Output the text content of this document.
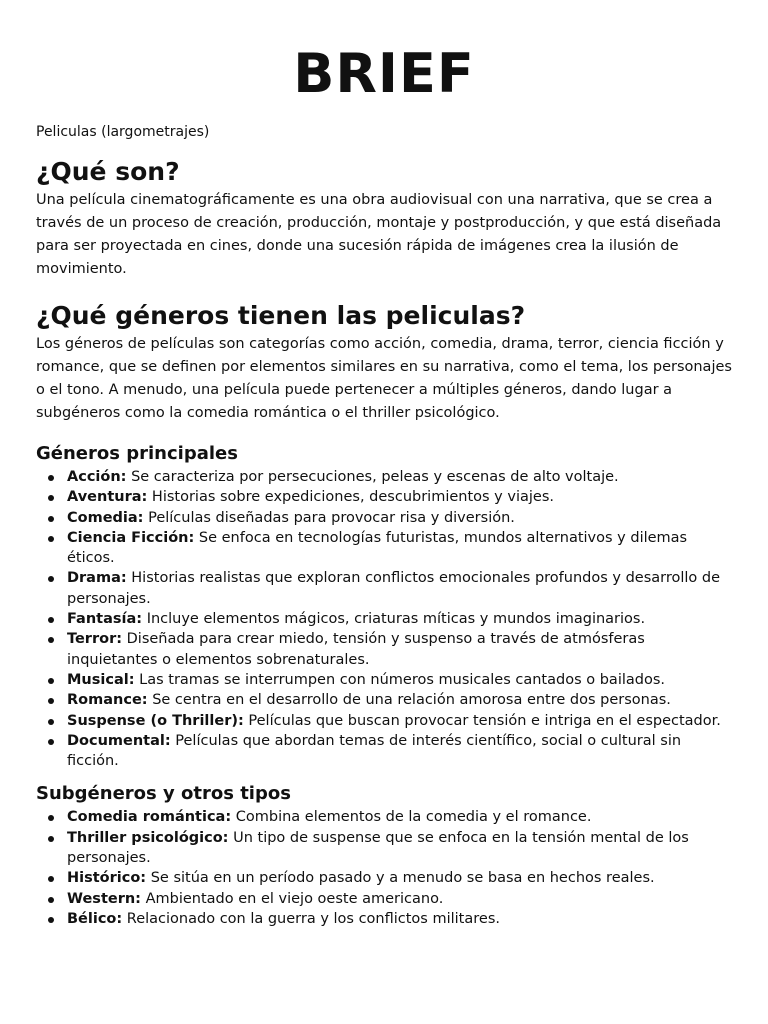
BRIEF

Peliculas (largometrajes)

¿Qué son?

Una película cinematográficamente es una obra audiovisual con una narrativa, que se crea a través de un proceso de creación, producción, montaje y postproducción, y que está diseñada para ser proyectada en cines, donde una sucesión rápida de imágenes crea la ilusión de movimiento.

¿Qué géneros tienen las peliculas?

Los géneros de películas son categorías como acción, comedia, drama, terror, ciencia ficción y romance, que se definen por elementos similares en su narrativa, como el tema, los personajes o el tono. A menudo, una película puede pertenecer a múltiples géneros, dando lugar a subgéneros como la comedia romántica o el thriller psicológico.

Géneros principales
Acción: Se caracteriza por persecuciones, peleas y escenas de alto voltaje.
Aventura: Historias sobre expediciones, descubrimientos y viajes.
Comedia: Películas diseñadas para provocar risa y diversión.
Ciencia Ficción: Se enfoca en tecnologías futuristas, mundos alternativos y dilemas éticos.
Drama: Historias realistas que exploran conflictos emocionales profundos y desarrollo de personajes.
Fantasía: Incluye elementos mágicos, criaturas míticas y mundos imaginarios.
Terror: Diseñada para crear miedo, tensión y suspenso a través de atmósferas inquietantes o elementos sobrenaturales.
Musical: Las tramas se interrumpen con números musicales cantados o bailados.
Romance: Se centra en el desarrollo de una relación amorosa entre dos personas.
Suspense (o Thriller): Películas que buscan provocar tensión e intriga en el espectador.
Documental: Películas que abordan temas de interés científico, social o cultural sin ficción.
Subgéneros y otros tipos
Comedia romántica: Combina elementos de la comedia y el romance.
Thriller psicológico: Un tipo de suspense que se enfoca en la tensión mental de los personajes.
Histórico: Se sitúa en un período pasado y a menudo se basa en hechos reales.
Western: Ambientado en el viejo oeste americano.
Bélico: Relacionado con la guerra y los conflictos militares.
